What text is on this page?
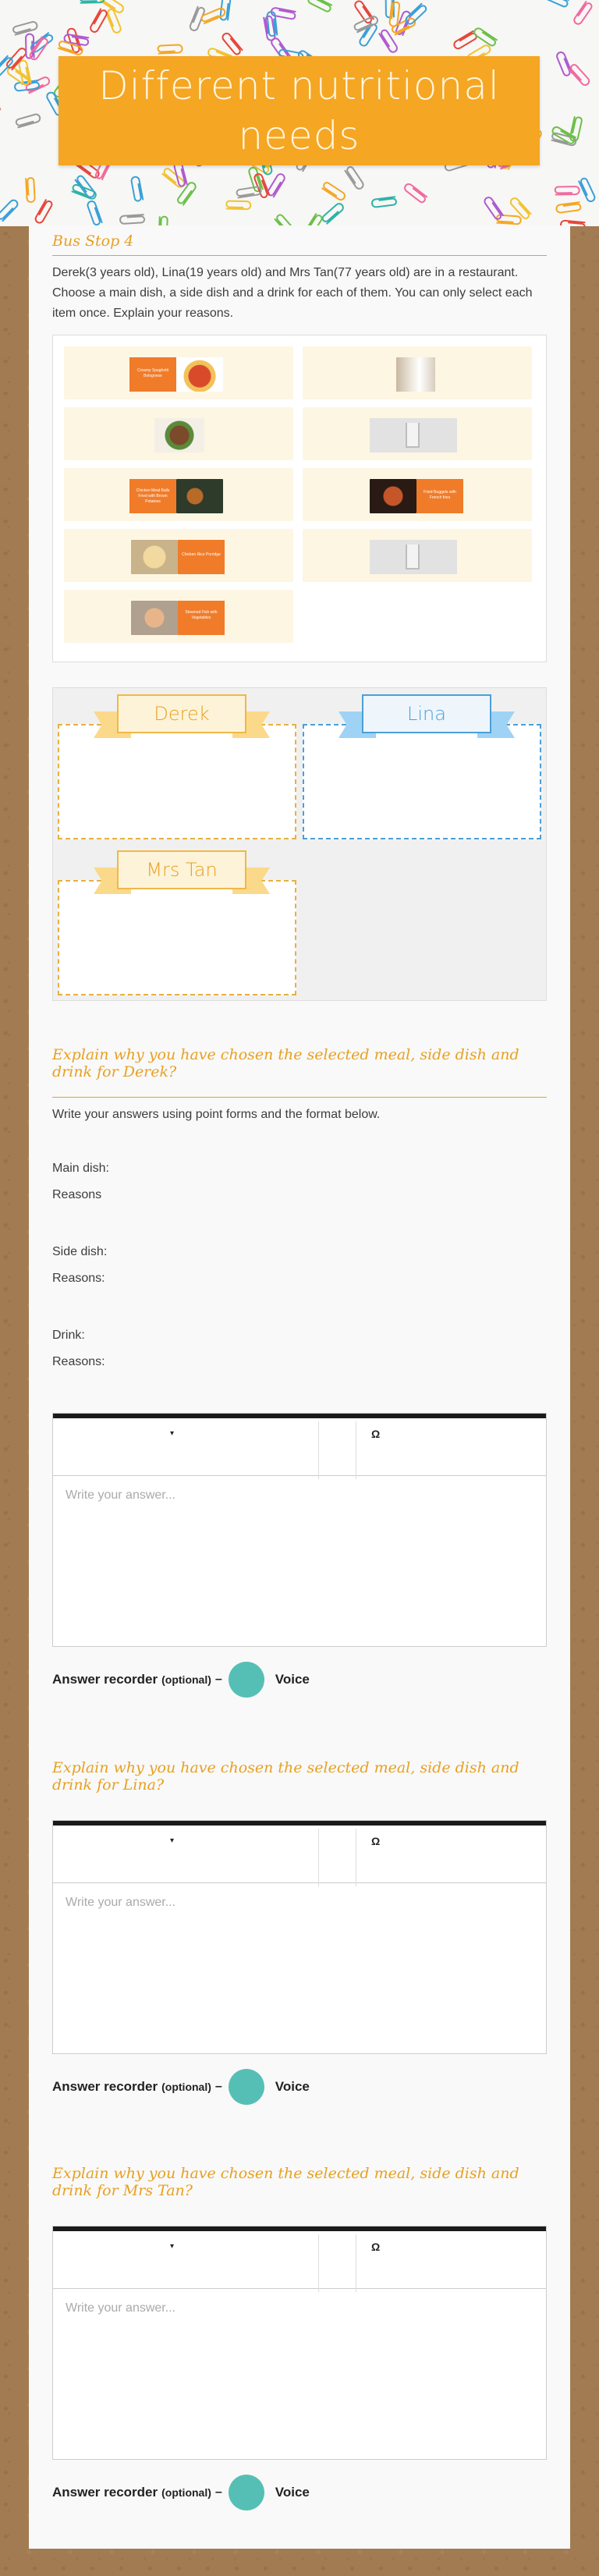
Different nutritional needs
Bus Stop 4
Derek(3 years old), Lina(19 years old) and Mrs Tan(77 years old) are in a restaurant. Choose a main dish, a side dish and a drink for each of them. You can only select each item once. Explain your reasons.
Creamy Spaghetti Bolognese
Chicken Meat Balls Fried with Brown Potatoes
Fried Nuggets with French fries
Chicken Rice Porridge
Steamed Fish with Vegetables
Derek	Lina
Mrs Tan
Explain why you have chosen the selected meal, side dish and drink for Derek?
Write your answers using point forms and the format below.
Main dish:
Reasons
Side dish:
Reasons:
Drink:
Reasons:
▾	Ω
Write your answer...
Answer recorder (optional) –	Voice
Explain why you have chosen the selected meal, side dish and drink for Lina?
▾	Ω
Write your answer...
Answer recorder (optional) –	Voice
Explain why you have chosen the selected meal, side dish and drink for Mrs Tan?
▾	Ω
Write your answer...
Answer recorder (optional) –	Voice
